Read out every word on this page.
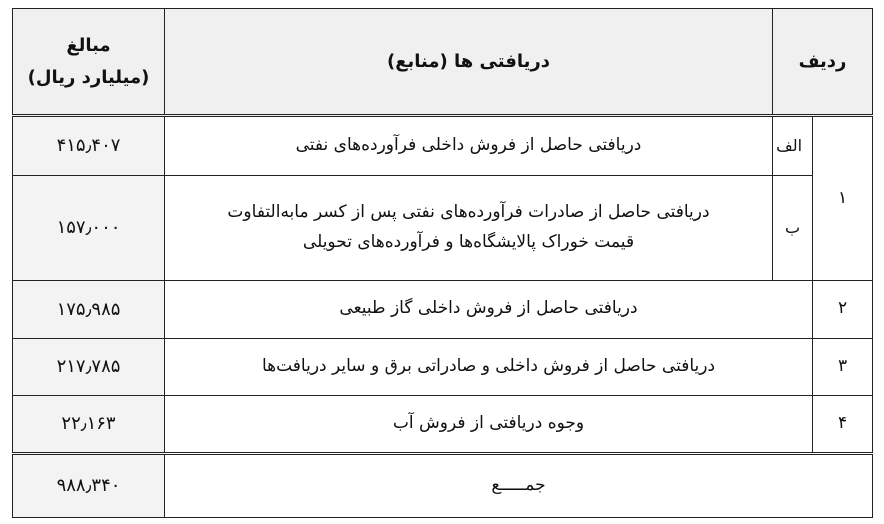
ردیف		دریافتی ها (منابع)	مبالغ
(میلیارد ریال)

۱	الف	دریافتی حاصل از فروش داخلی فرآورده‌های نفتی	۴۱۵٫۴۰۷
	ب	دریافتی حاصل از صادرات فرآورده‌های نفتی پس از کسر مابه‌التفاوت
قیمت خوراک پالایشگاه‌ها و فرآورده‌های تحویلی	۱۵۷٫۰۰۰
۲	دریافتی حاصل از فروش داخلی گاز طبیعی		۱۷۵٫۹۸۵
۳	دریافتی حاصل از فروش داخلی و صادراتی برق و سایر دریافت‌ها		۲۱۷٫۷۸۵
۴	وجوه دریافتی از فروش آب		۲۲٫۱۶۳
جمـــــع			۹۸۸٫۳۴۰
